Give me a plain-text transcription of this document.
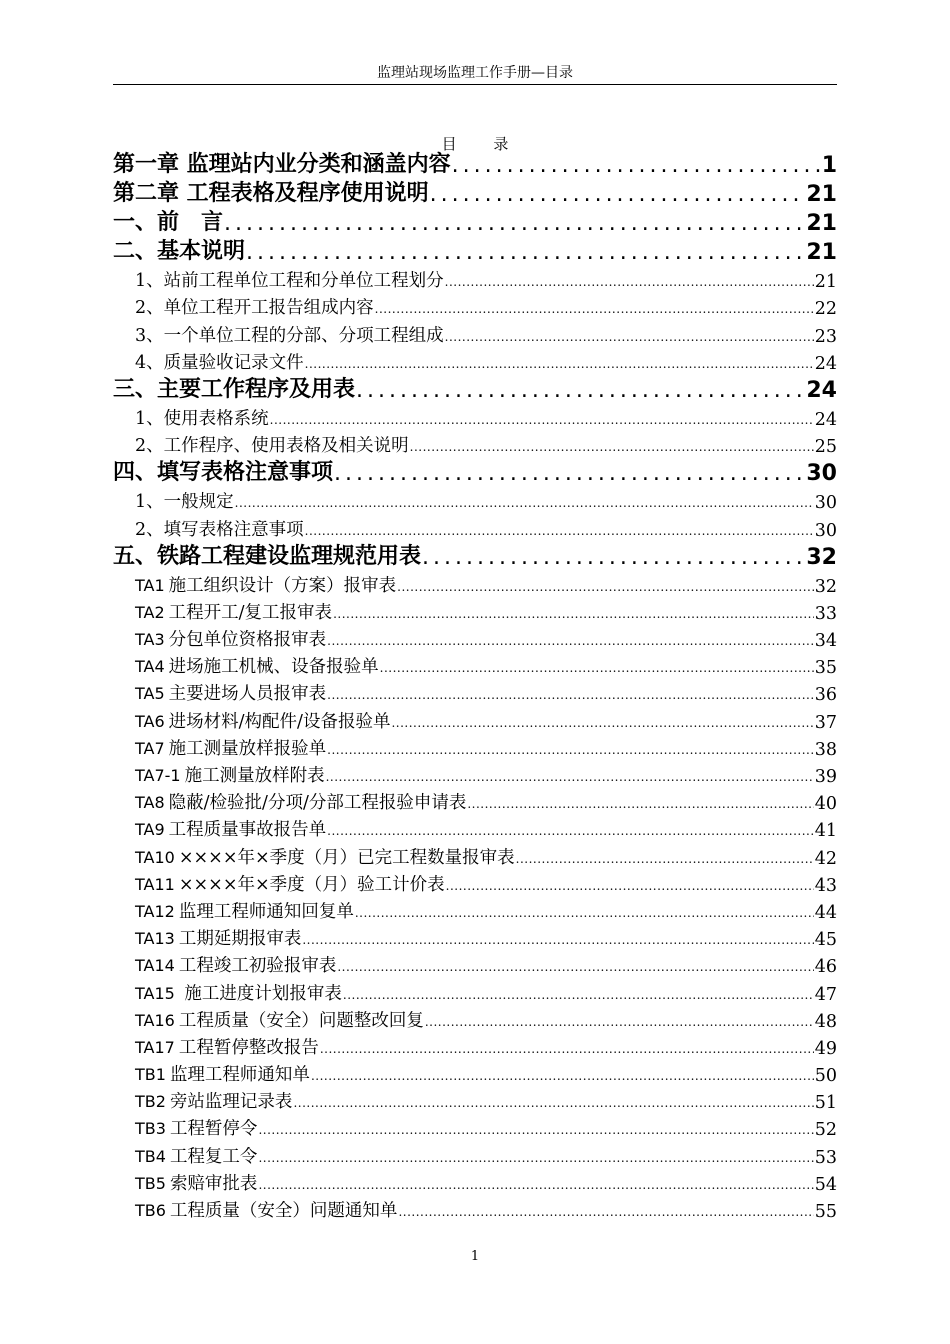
监理站现场监理工作手册—目录
目 录
第一章 监理站内业分类和涵盖内容 .....	1
第二章 工程表格及程序使用说明 .....	21
一、前　言 .....	21
二、基本说明 .....	21
1、站前工程单位工程和分单位工程划分 .....	21
2、单位工程开工报告组成内容 .....	22
3、一个单位工程的分部、分项工程组成 .....	23
4、质量验收记录文件 .....	24
三、主要工作程序及用表 .....	24
1、使用表格系统 .....	24
2、工作程序、使用表格及相关说明 .....	25
四、填写表格注意事项 .....	30
1、一般规定 .....	30
2、填写表格注意事项 .....	30
五、铁路工程建设监理规范用表 .....	32
TA1 施工组织设计（方案）报审表 .....	32
TA2 工程开工/复工报审表 .....	33
TA3 分包单位资格报审表 .....	34
TA4 进场施工机械、设备报验单 .....	35
TA5 主要进场人员报审表 .....	36
TA6 进场材料/构配件/设备报验单 .....	37
TA7 施工测量放样报验单 .....	38
TA7-1 施工测量放样附表 .....	39
TA8 隐蔽/检验批/分项/分部工程报验申请表 .....	40
TA9 工程质量事故报告单 .....	41
TA10 ××××年×季度（月）已完工程数量报审表 .....	42
TA11 ××××年×季度（月）验工计价表 .....	43
TA12 监理工程师通知回复单 .....	44
TA13 工期延期报审表 .....	45
TA14 工程竣工初验报审表 .....	46
TA15 施工进度计划报审表 .....	47
TA16 工程质量（安全）问题整改回复 .....	48
TA17 工程暂停整改报告 .....	49
TB1 监理工程师通知单 .....	50
TB2 旁站监理记录表 .....	51
TB3 工程暂停令 .....	52
TB4 工程复工令 .....	53
TB5 索赔审批表 .....	54
TB6 工程质量（安全）问题通知单 .....	55
1
